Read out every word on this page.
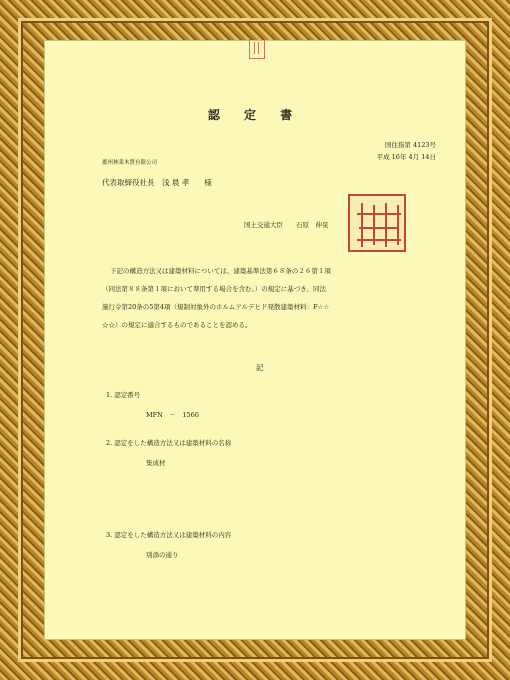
認 定 書
国住指第 4123号
平成 16年 4月 14日
郡州林業木質有限公司
代表取締役社長　浅 晨 孝　　様
国土交通大臣　　石原　伸晃
下記の構造方法又は建築材料については、建築基準法第６８条の２６第１項
（同法第８８条第１項において準用する場合を含む。）の規定に基づき、同法
施行令第20条の5第4項（規制対象外のホルムアルデヒド発散建築材料：F☆☆
☆☆）の規定に適合するものであることを認める。
記
1. 認定番号
MFN　－　1566
2. 認定をした構造方法又は建築材料の名称
集成材
3. 認定をした構造方法又は建築材料の内容
別添の通り
